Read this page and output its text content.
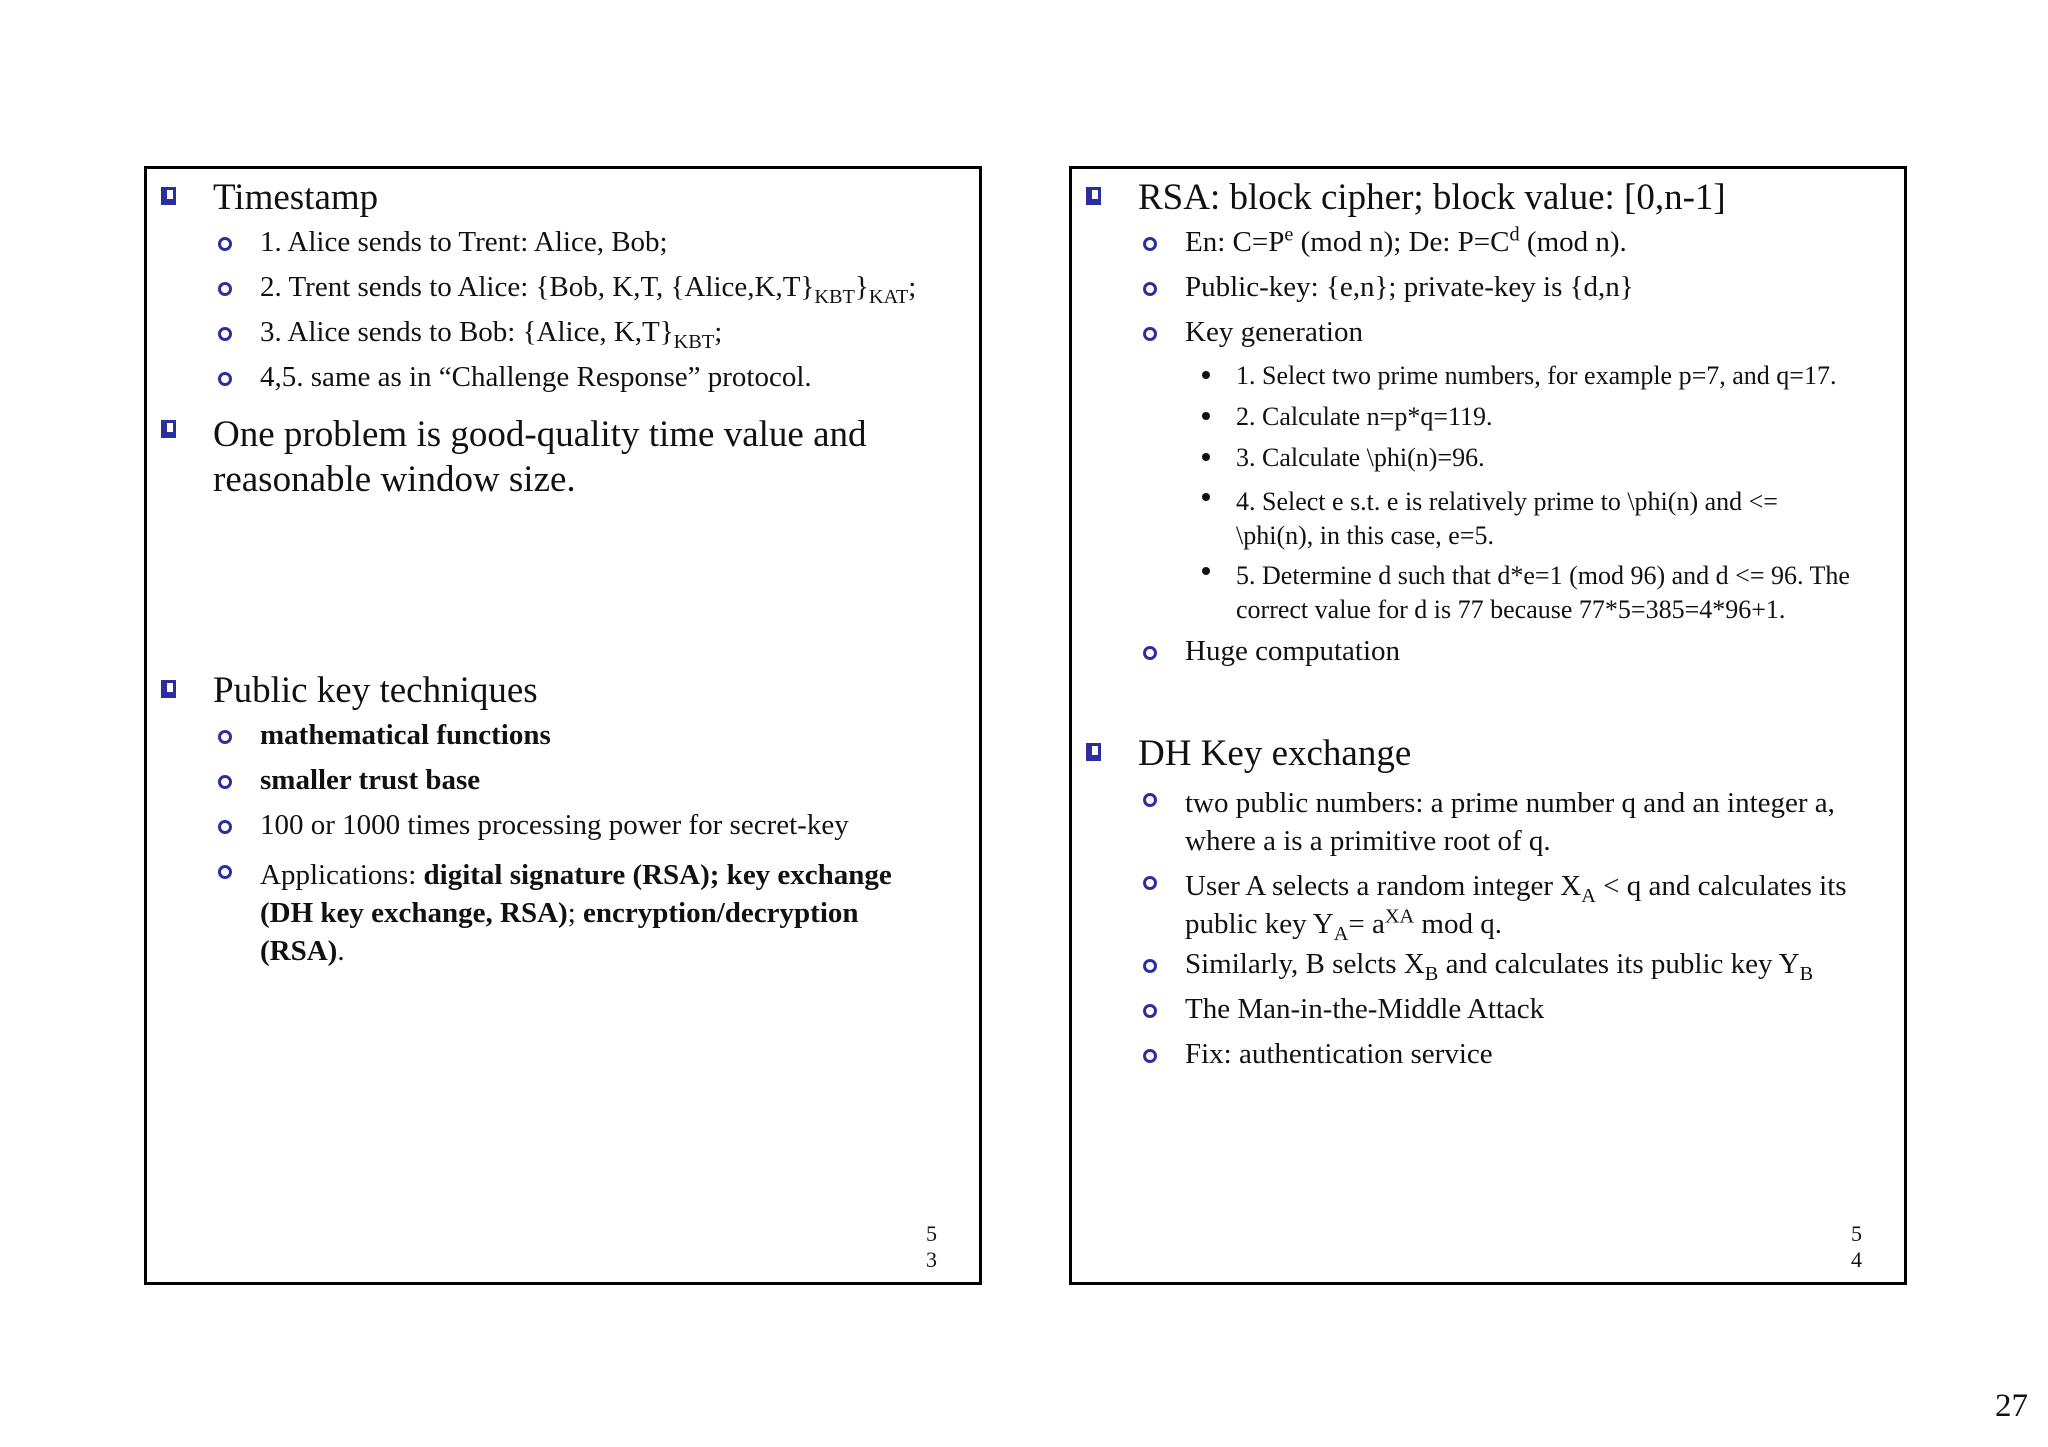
Timestamp
1. Alice sends to Trent: Alice, Bob;
2. Trent sends to Alice: {Bob, K,T, $\{Alice,K,T\}_{KBT}\}_{KAT}$;
3. Alice sends to Bob: {Alice, $K,T\}_{KBT}$;
4,5. same as in “Challenge Response” protocol.
One problem is good-quality time value and
reasonable window size.
Public key techniques
mathematical functions
smaller trust base
100 or 1000 times processing power for secret-key
Applications: digital signature (RSA); key exchange (DH key exchange, RSA); encryption/decryption (RSA).
5
3
RSA: block cipher; block value: [0,n-1]
En: $C=P^e$ (mod n); De: $P=C^d$ (mod n).
Public-key: {e,n}; private-key is {d,n}
Key generation
1. Select two prime numbers, for example p=7, and q=17.
2. Calculate n=p*q=119.
3. Calculate \phi(n)=96.
4. Select e s.t. e is relatively prime to \phi(n) and <= \phi(n), in this case, e=5.
5. Determine d such that d*e=1 (mod 96) and d <= 96. The correct value for d is 77 because 77*5=385=4*96+1.
Huge computation
DH Key exchange
two public numbers: a prime number q and an integer a, where a is a primitive root of q.
User A selects a random integer $X_A < q$ and calculates its public key $Y_A= a^{XA}$ mod q.
Similarly, B selcts $X_B$ and calculates its public key $Y_B$
The Man-in-the-Middle Attack
Fix: authentication service
5
4
27
